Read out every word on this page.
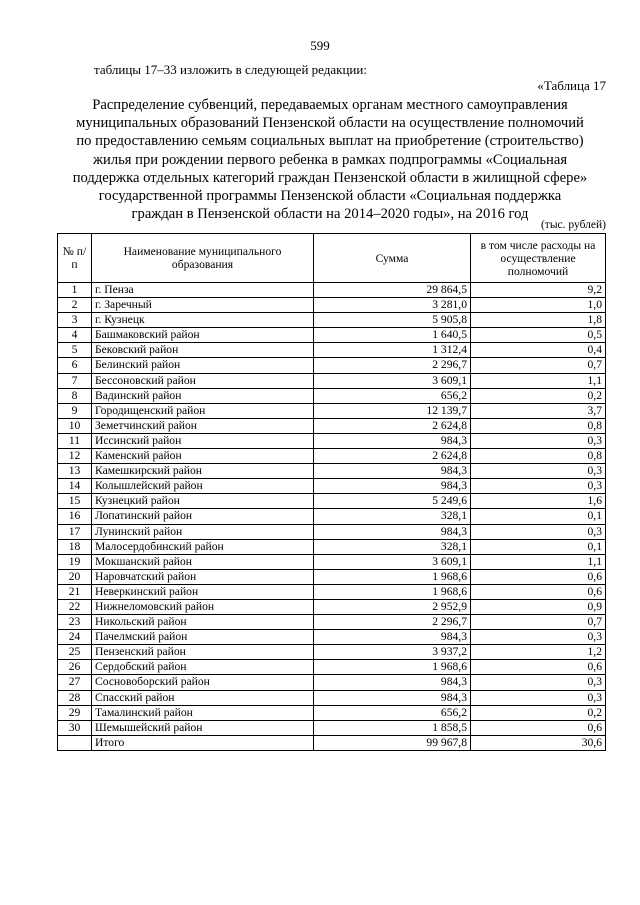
599
таблицы 17–33 изложить в следующей редакции:
«Таблица 17
Распределение субвенций, передаваемых органам местного самоуправления муниципальных образований Пензенской области на осуществление полномочий по предоставлению семьям социальных выплат на приобретение (строительство) жилья при рождении первого ребенка в рамках подпрограммы «Социальная поддержка отдельных категорий граждан Пензенской области в жилищной сфере» государственной программы Пензенской области «Социальная поддержка граждан в Пензенской области на 2014–2020 годы», на 2016 год
(тыс. рублей)
№ п/п	Наименование муниципального образования	Сумма	в том числе расходы на осуществление полномочий
1	г. Пенза	29 864,5	9,2
2	г. Заречный	3 281,0	1,0
3	г. Кузнецк	5 905,8	1,8
4	Башмаковский район	1 640,5	0,5
5	Бековский район	1 312,4	0,4
6	Белинский район	2 296,7	0,7
7	Бессоновский район	3 609,1	1,1
8	Вадинский район	656,2	0,2
9	Городищенский район	12 139,7	3,7
10	Земетчинский район	2 624,8	0,8
11	Иссинский район	984,3	0,3
12	Каменский район	2 624,8	0,8
13	Камешкирский район	984,3	0,3
14	Колышлейский район	984,3	0,3
15	Кузнецкий район	5 249,6	1,6
16	Лопатинский район	328,1	0,1
17	Лунинский район	984,3	0,3
18	Малосердобинский район	328,1	0,1
19	Мокшанский район	3 609,1	1,1
20	Наровчатский район	1 968,6	0,6
21	Неверкинский район	1 968,6	0,6
22	Нижнеломовский район	2 952,9	0,9
23	Никольский район	2 296,7	0,7
24	Пачелмский район	984,3	0,3
25	Пензенский район	3 937,2	1,2
26	Сердобский район	1 968,6	0,6
27	Сосновоборский район	984,3	0,3
28	Спасский район	984,3	0,3
29	Тамалинский район	656,2	0,2
30	Шемышейский район	1 858,5	0,6
	Итого	99 967,8	30,6
